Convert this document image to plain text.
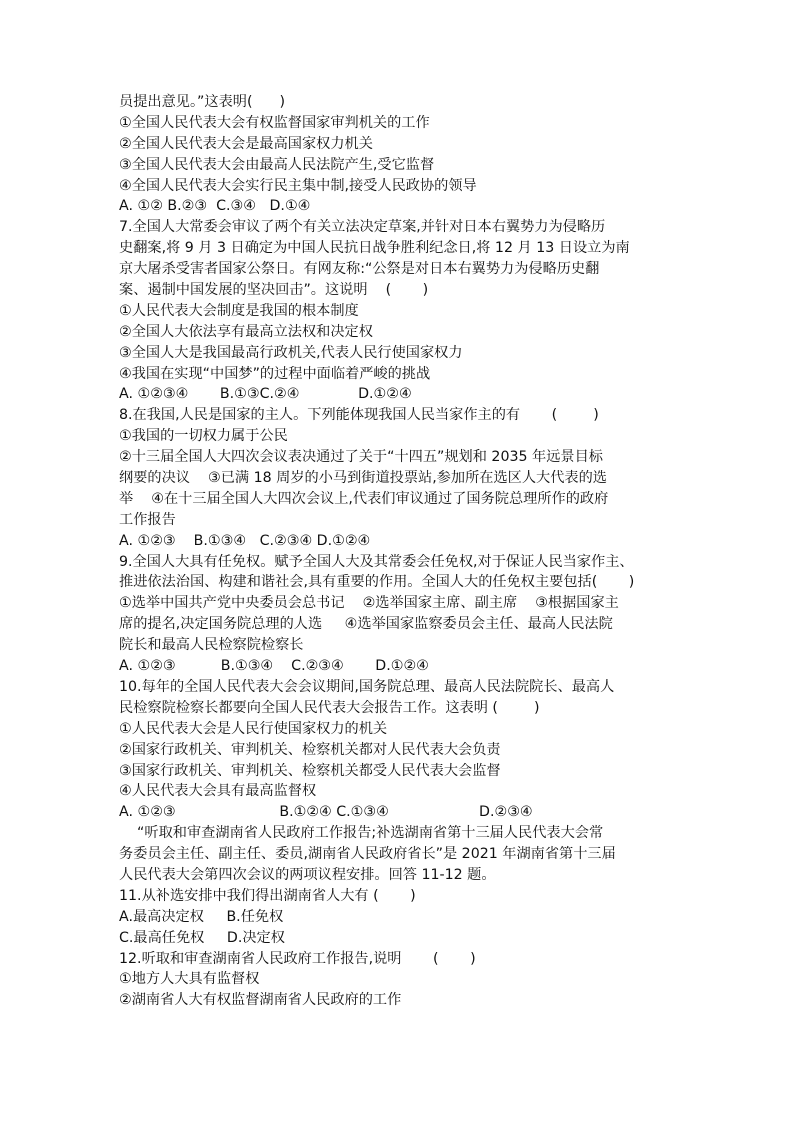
员提出意见。”这表明(      )
①全国人民代表大会有权监督国家审判机关的工作
②全国人民代表大会是最高国家权力机关
③全国人民代表大会由最高人民法院产生,受它监督
④全国人民代表大会实行民主集中制,接受人民政协的领导
A. ①② B.②③  C.③④   D.①④
7.全国人大常委会审议了两个有关立法决定草案,并针对日本右翼势力为侵略历
史翻案,将 9 月 3 日确定为中国人民抗日战争胜利纪念日,将 12 月 13 日设立为南
京大屠杀受害者国家公祭日。有网友称:“公祭是对日本右翼势力为侵略历史翻
案、遏制中国发展的坚决回击”。这说明    (       )
①人民代表大会制度是我国的根本制度
②全国人大依法享有最高立法权和决定权
③全国人大是我国最高行政机关,代表人民行使国家权力
④我国在实现“中国梦”的过程中面临着严峻的挑战
A. ①②③④       B.①③C.②④             D.①②④
8.在我国,人民是国家的主人。下列能体现我国人民当家作主的有       (        )
①我国的一切权力属于公民
②十三届全国人大四次会议表决通过了关于“十四五”规划和 2035 年远景目标
纲要的决议    ③已满 18 周岁的小马到街道投票站,参加所在选区人大代表的选
举    ④在十三届全国人大四次会议上,代表们审议通过了国务院总理所作的政府
工作报告
A. ①②③    B.①③④   C.②③④ D.①②④
9.全国人大具有任免权。赋予全国人大及其常委会任免权,对于保证人民当家作主、
推进依法治国、构建和谐社会,具有重要的作用。全国人大的任免权主要包括(       )
①选举中国共产党中央委员会总书记    ②选举国家主席、副主席    ③根据国家主
席的提名,决定国务院总理的人选     ④选举国家监察委员会主任、最高人民法院
院长和最高人民检察院检察长
A. ①②③          B.①③④    C.②③④       D.①②④
10.每年的全国人民代表大会会议期间,国务院总理、最高人民法院院长、最高人
民检察院检察长都要向全国人民代表大会报告工作。这表明 (        )
①人民代表大会是人民行使国家权力的机关
②国家行政机关、审判机关、检察机关都对人民代表大会负责
③国家行政机关、审判机关、检察机关都受人民代表大会监督
④人民代表大会具有最高监督权
A. ①②③                       B.①②④ C.①③④                    D.②③④
“听取和审查湖南省人民政府工作报告;补选湖南省第十三届人民代表大会常
务委员会主任、副主任、委员,湖南省人民政府省长”是 2021 年湖南省第十三届
人民代表大会第四次会议的两项议程安排。回答 11-12 题。
11.从补选安排中我们得出湖南省人大有 (       )
A.最高决定权     B.任免权
C.最高任免权     D.决定权
12.听取和审查湖南省人民政府工作报告,说明       (       )
①地方人大具有监督权
②湖南省人大有权监督湖南省人民政府的工作
